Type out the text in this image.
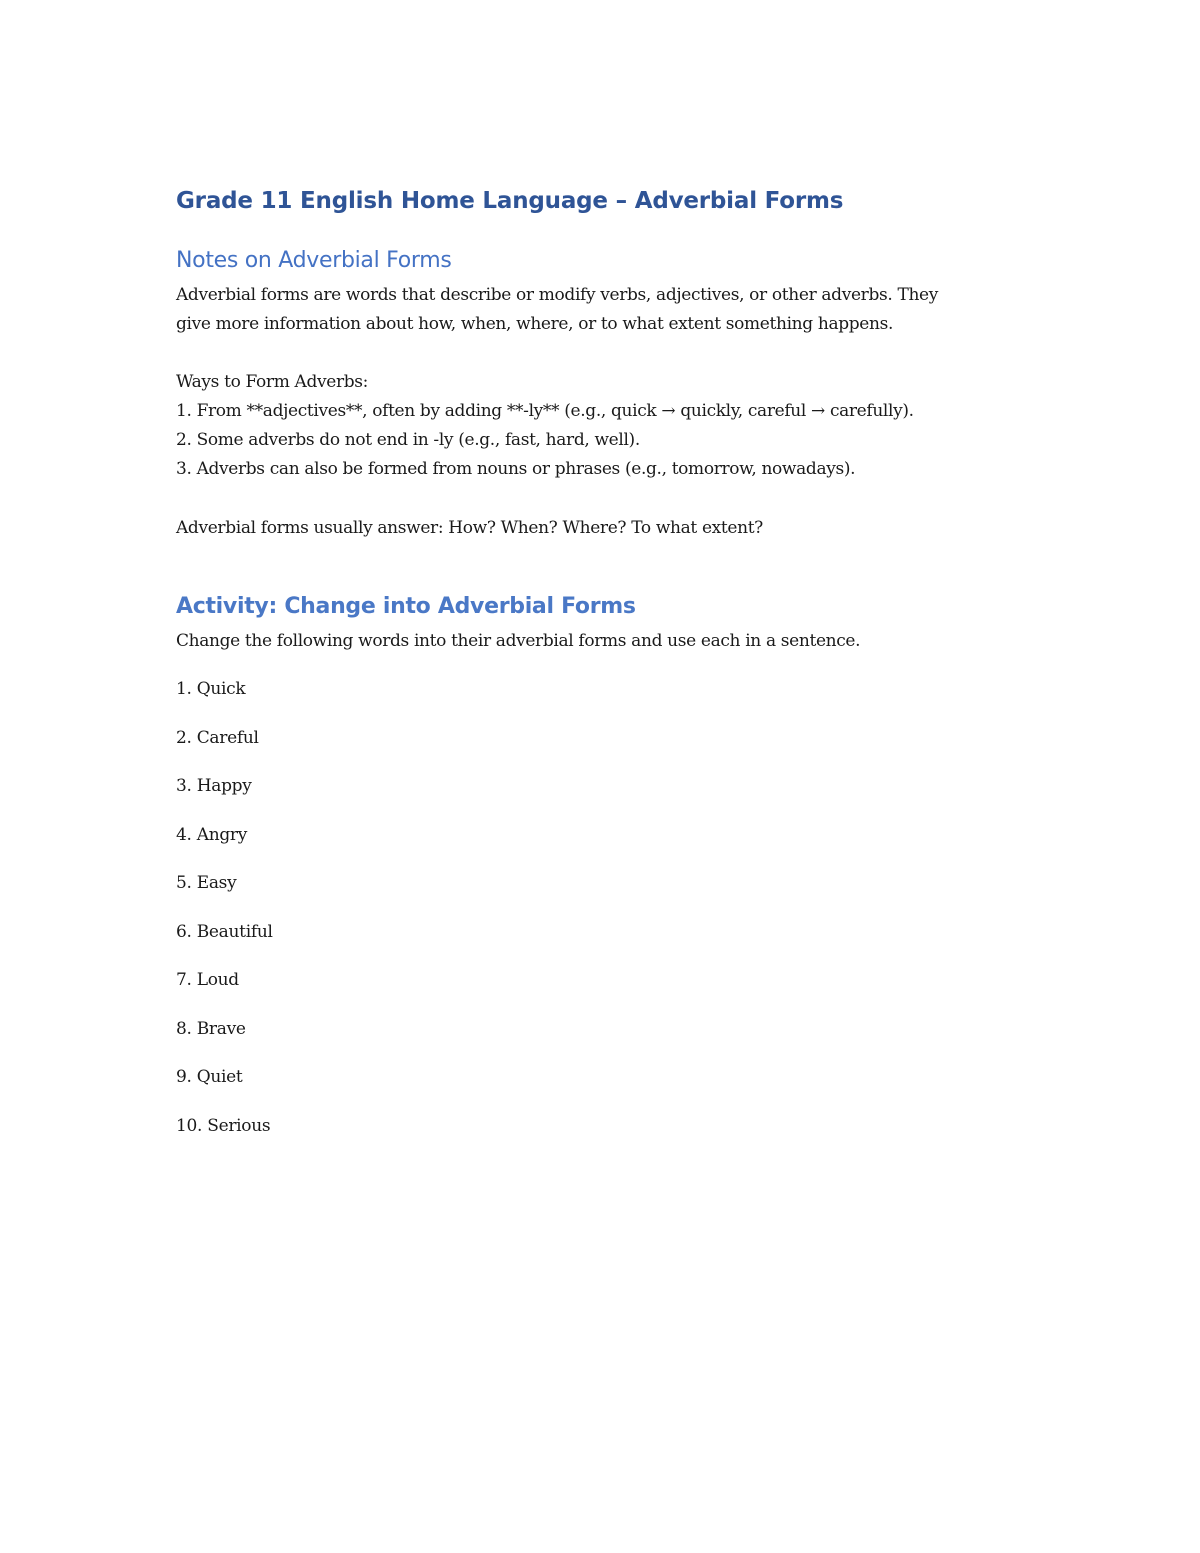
Grade 11 English Home Language – Adverbial Forms
Notes on Adverbial Forms
Adverbial forms are words that describe or modify verbs, adjectives, or other adverbs. They
give more information about how, when, where, or to what extent something happens.
Ways to Form Adverbs:
1. From **adjectives**, often by adding **-ly** (e.g., quick → quickly, careful → carefully).
2. Some adverbs do not end in -ly (e.g., fast, hard, well).
3. Adverbs can also be formed from nouns or phrases (e.g., tomorrow, nowadays).
Adverbial forms usually answer: How? When? Where? To what extent?
Activity: Change into Adverbial Forms
Change the following words into their adverbial forms and use each in a sentence.
1. Quick
2. Careful
3. Happy
4. Angry
5. Easy
6. Beautiful
7. Loud
8. Brave
9. Quiet
10. Serious
